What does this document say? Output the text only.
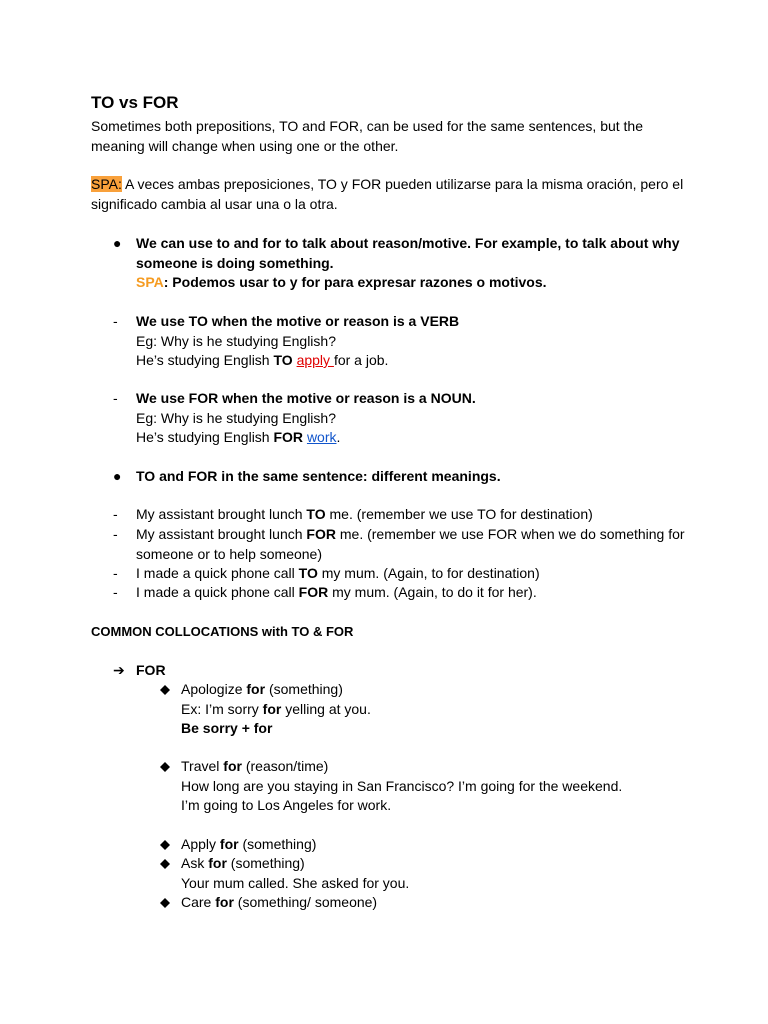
TO vs FOR
Sometimes both prepositions, TO and FOR, can be used for the same sentences, but the meaning will change when using one or the other.
SPA: A veces ambas preposiciones, TO y FOR pueden utilizarse para la misma oración, pero el significado cambia al usar una o la otra.
● We can use to and for to talk about reason/motive. For example, to talk about why someone is doing something.
SPA: Podemos usar to y for para expresar razones o motivos.
- We use TO when the motive or reason is a VERB
Eg: Why is he studying English?
He’s studying English TO apply for a job.
- We use FOR when the motive or reason is a NOUN.
Eg: Why is he studying English?
He’s studying English FOR work.
● TO and FOR in the same sentence: different meanings.
- My assistant brought lunch TO me. (remember we use TO for destination)
- My assistant brought lunch FOR me. (remember we use FOR when we do something for someone or to help someone)
- I made a quick phone call TO my mum. (Again, to for destination)
- I made a quick phone call FOR my mum. (Again, to do it for her).
COMMON COLLOCATIONS with TO & FOR
➔ FOR
Apologize for (something)
Ex: I’m sorry for yelling at you.
Be sorry + for
Travel for (reason/time)
How long are you staying in San Francisco? I’m going for the weekend.
I’m going to Los Angeles for work.
Apply for (something)
Ask for (something)
Your mum called. She asked for you.
Care for (something/ someone)
